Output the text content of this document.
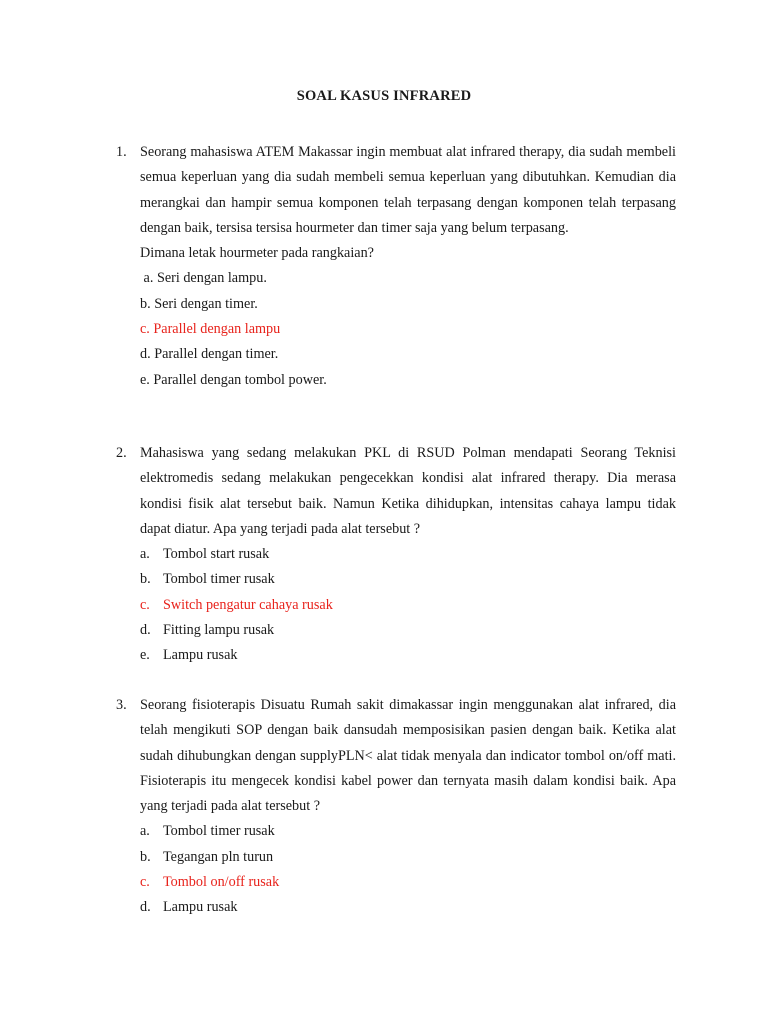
SOAL KASUS INFRARED
1. Seorang mahasiswa ATEM Makassar ingin membuat alat infrared therapy, dia sudah membeli semua keperluan yang dia sudah membeli semua keperluan yang dibutuhkan. Kemudian dia merangkai dan hampir semua komponen telah terpasang dengan komponen telah terpasang dengan baik, tersisa tersisa hourmeter dan timer saja yang belum terpasang.
Dimana letak hourmeter pada rangkaian?
a. Seri dengan lampu.
b. Seri dengan timer.
c. Parallel dengan lampu
d. Parallel dengan timer.
e. Parallel dengan tombol power.
2. Mahasiswa yang sedang melakukan PKL di RSUD Polman mendapati Seorang Teknisi elektromedis sedang melakukan pengecekkan kondisi alat infrared therapy. Dia merasa kondisi fisik alat tersebut baik. Namun Ketika dihidupkan, intensitas cahaya lampu tidak dapat diatur. Apa yang terjadi pada alat tersebut ?
a. Tombol start rusak
b. Tombol timer rusak
c. Switch pengatur cahaya rusak
d. Fitting lampu rusak
e. Lampu rusak
3. Seorang fisioterapis Disuatu Rumah sakit dimakassar ingin menggunakan alat infrared, dia telah mengikuti SOP dengan baik dansudah memposisikan pasien dengan baik. Ketika alat sudah dihubungkan dengan supplyPLN< alat tidak menyala dan indicator tombol on/off mati. Fisioterapis itu mengecek kondisi kabel power dan ternyata masih dalam kondisi baik. Apa yang terjadi pada alat tersebut ?
a. Tombol timer rusak
b. Tegangan pln turun
c. Tombol on/off rusak
d. Lampu rusak
